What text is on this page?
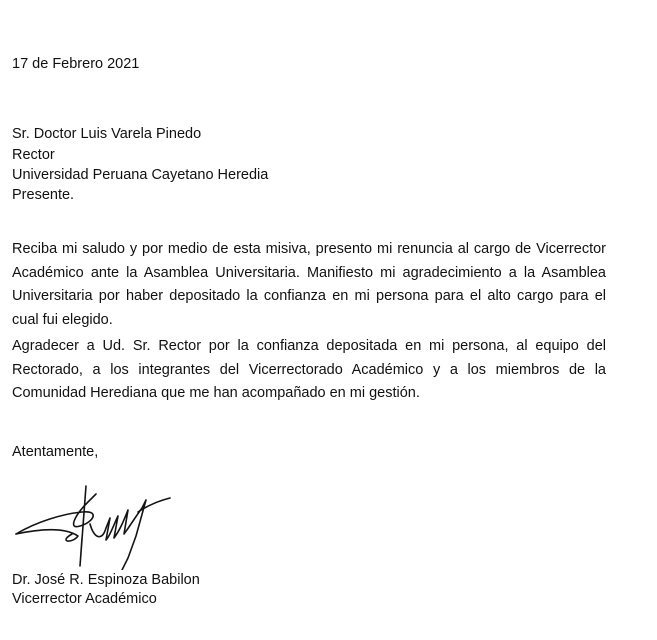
17 de Febrero 2021
Sr. Doctor Luis Varela Pinedo
Rector
Universidad Peruana Cayetano Heredia
Presente.
Reciba mi saludo y por medio de esta misiva, presento mi renuncia al cargo de Vicerrector Académico ante la Asamblea Universitaria. Manifiesto mi agradecimiento a la Asamblea Universitaria por haber depositado la confianza en mi persona para el alto cargo para el cual fui elegido.
Agradecer a Ud. Sr. Rector por la confianza depositada en mi persona, al equipo del Rectorado, a los integrantes del Vicerrectorado Académico y a los miembros de la Comunidad Herediana que me han acompañado en mi gestión.
Atentamente,
Dr. José R. Espinoza Babilon
Vicerrector Académico
